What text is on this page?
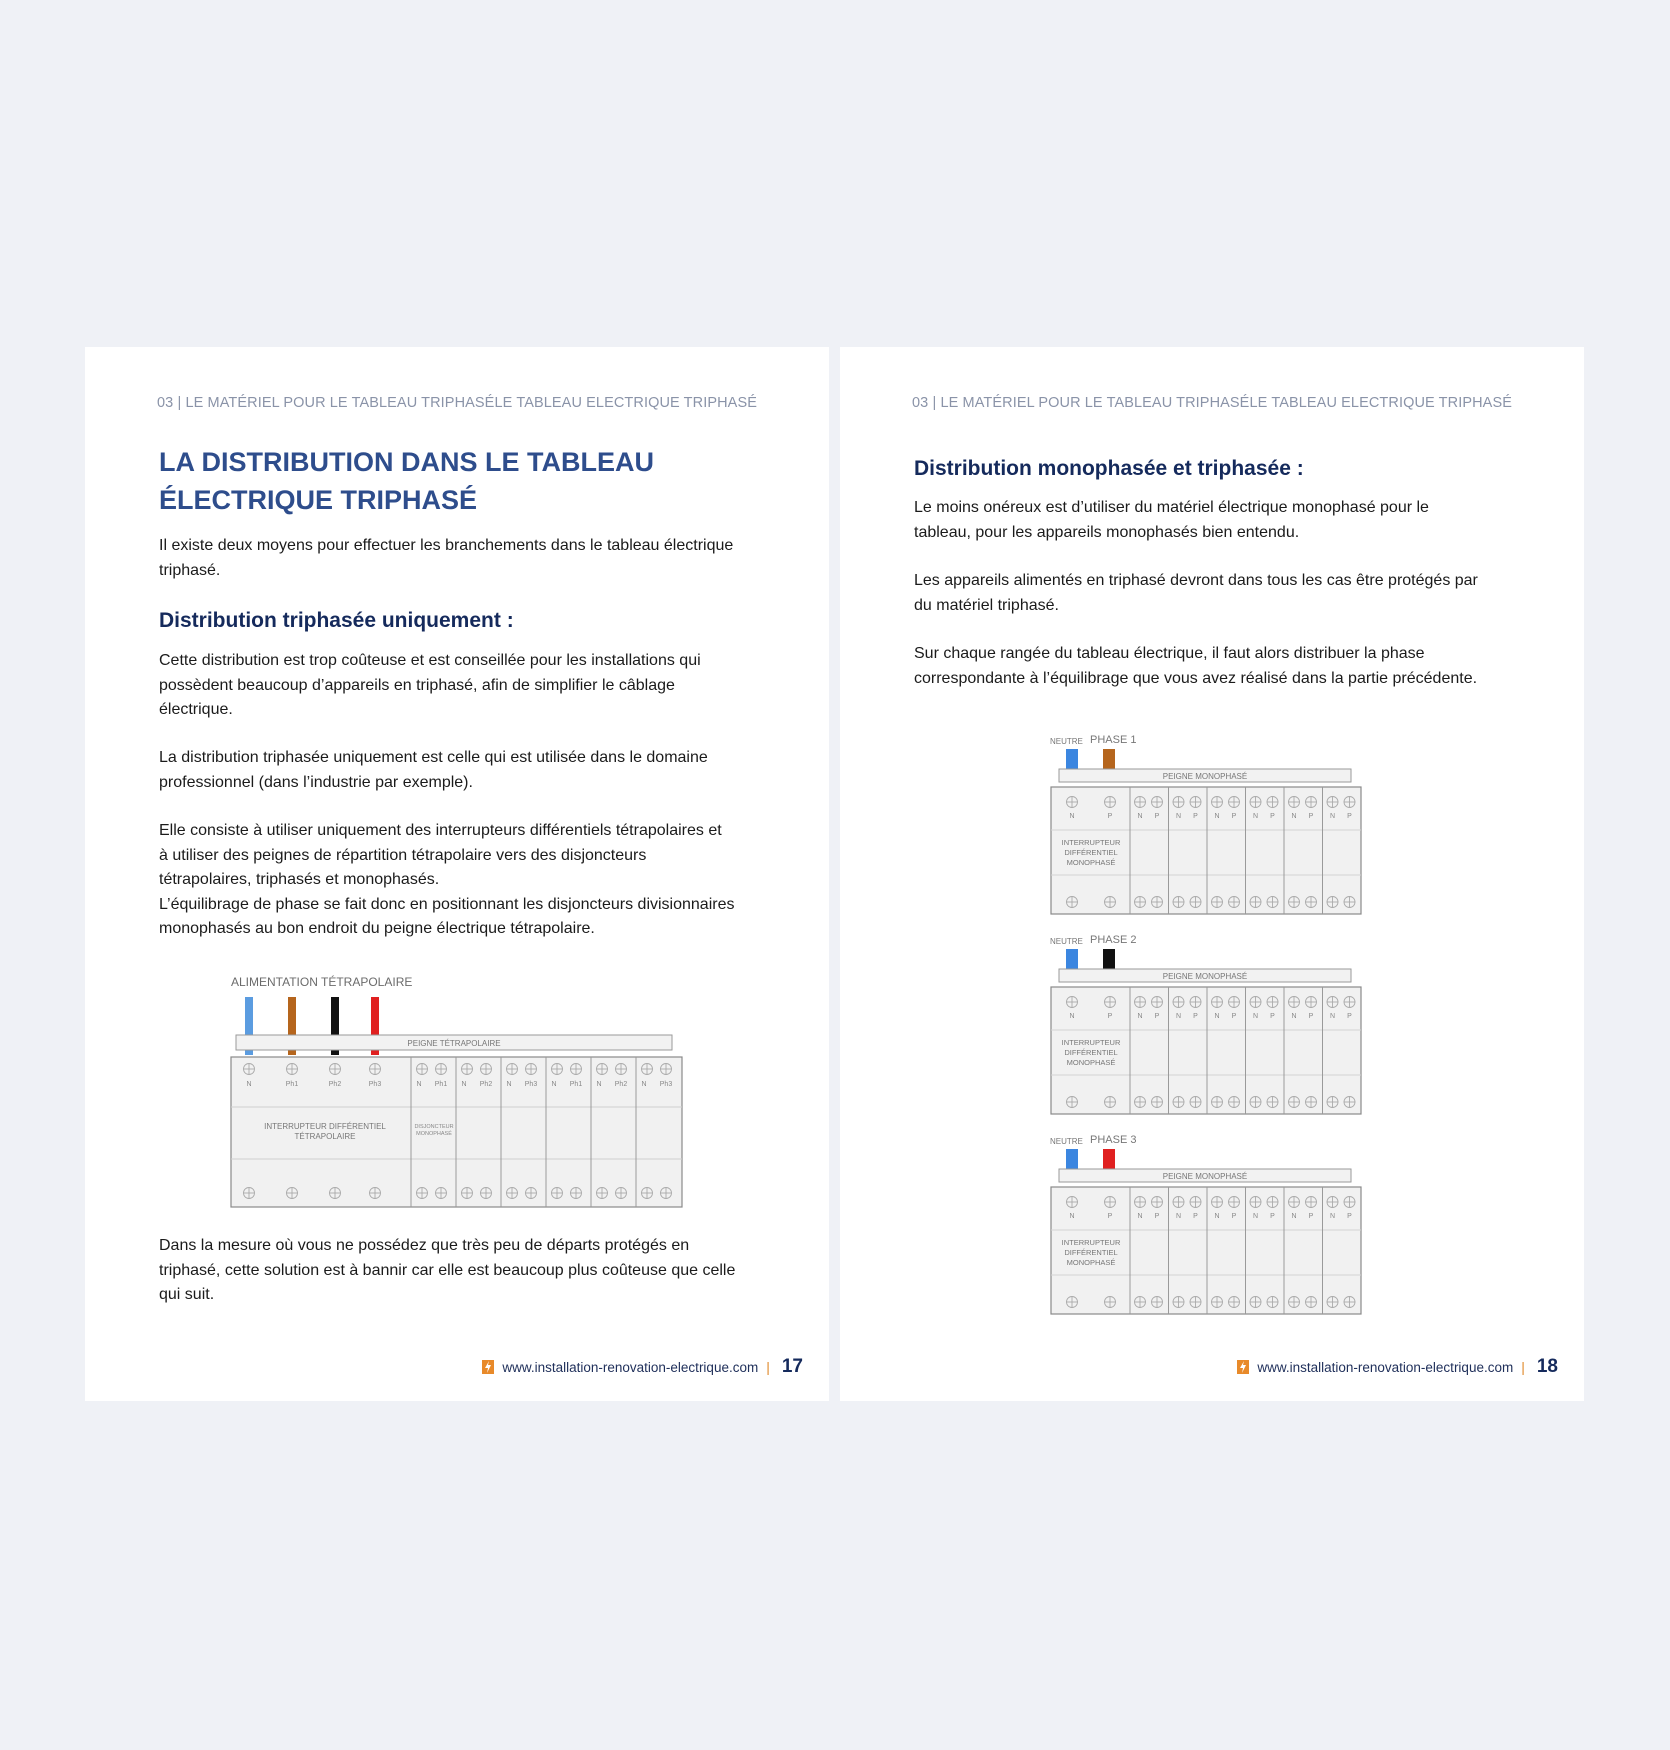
03 | LE MATÉRIEL POUR LE TABLEAU TRIPHASÉ LE TABLEAU ELECTRIQUE TRIPHASÉ
LA DISTRIBUTION DANS LE TABLEAU
ÉLECTRIQUE TRIPHASÉ

Il existe deux moyens pour effectuer les branchements dans le tableau électrique
triphasé.

Distribution triphasée uniquement :

Cette distribution est trop coûteuse et est conseillée pour les installations qui
possèdent beaucoup d’appareils en triphasé, afin de simplifier le câblage
électrique.

La distribution triphasée uniquement est celle qui est utilisée dans le domaine
professionnel (dans l’industrie par exemple).

Elle consiste à utiliser uniquement des interrupteurs différentiels tétrapolaires et
à utiliser des peignes de répartition tétrapolaire vers des disjoncteurs
tétrapolaires, triphasés et monophasés.
L’équilibrage de phase se fait donc en positionnant les disjoncteurs divisionnaires
monophasés au bon endroit du peigne électrique tétrapolaire.

ALIMENTATION TÉTRAPOLAIRE
PEIGNE TÉTRAPOLAIRE
N	Ph1	Ph2	Ph3	N Ph1 N Ph2 N Ph3 N Ph1 N Ph2 N Ph3
INTERRUPTEUR DIFFÉRENTIEL
TÉTRAPOLAIRE
DISJONCTEUR
MONOPHASÉ

Dans la mesure où vous ne possédez que très peu de départs protégés en
triphasé, cette solution est à bannir car elle est beaucoup plus coûteuse que celle
qui suit.

www.installation-renovation-electrique.com | 17
03 | LE MATÉRIEL POUR LE TABLEAU TRIPHASÉ LE TABLEAU ELECTRIQUE TRIPHASÉ
Distribution monophasée et triphasée :

Le moins onéreux est d’utiliser du matériel électrique monophasé pour le
tableau, pour les appareils monophasés bien entendu.

Les appareils alimentés en triphasé devront dans tous les cas être protégés par
du matériel triphasé.

Sur chaque rangée du tableau électrique, il faut alors distribuer la phase
correspondante à l’équilibrage que vous avez réalisé dans la partie précédente.

NEUTRE PHASE 1
PEIGNE MONOPHASÉ
N	P
INTERRUPTEUR
DIFFÉRENTIEL
MONOPHASÉ
N P N P N P N P N P N P
NEUTRE PHASE 2
PEIGNE MONOPHASÉ
N	P
INTERRUPTEUR
DIFFÉRENTIEL
MONOPHASÉ
N P N P N P N P N P N P
NEUTRE PHASE 3
PEIGNE MONOPHASÉ
N	P
INTERRUPTEUR
DIFFÉRENTIEL
MONOPHASÉ
N P N P N P N P N P N P
www.installation-renovation-electrique.com | 18
